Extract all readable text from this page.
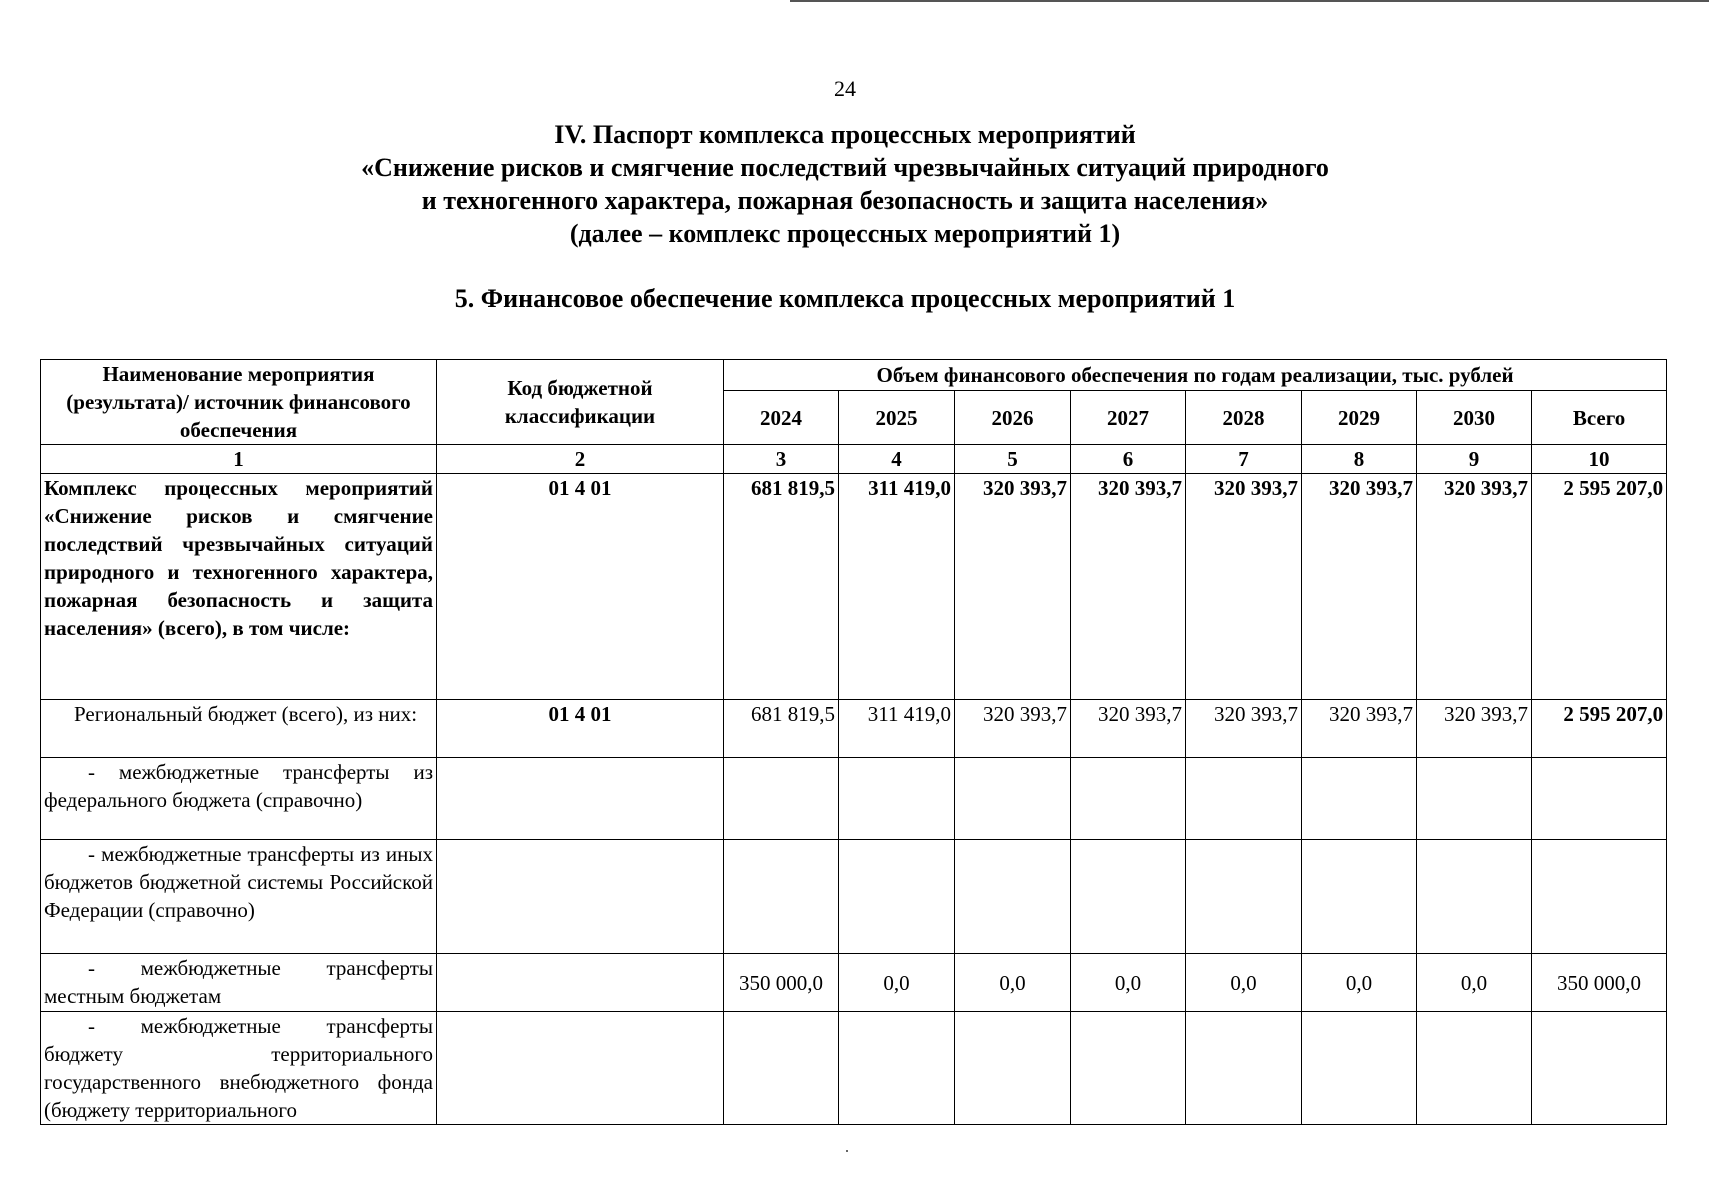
24
IV. Паспорт комплекса процессных мероприятий
«Снижение рисков и смягчение последствий чрезвычайных ситуаций природного
и техногенного характера, пожарная безопасность и защита населения»
(далее – комплекс процессных мероприятий 1)
5. Финансовое обеспечение комплекса процессных мероприятий 1
Наименование мероприятия (результата)/ источник финансового обеспечения	Код бюджетной классификации	Объем финансового обеспечения по годам реализации, тыс. рублей							
		2024	2025	2026	2027	2028	2029	2030	Всего
1	2	3	4	5	6	7	8	9	10
Комплекс процессных мероприятий «Снижение рисков и смягчение последствий чрезвычайных ситуаций природного и техногенного характера, пожарная безопасность и защита населения» (всего), в том числе:	01 4 01	681 819,5	311 419,0	320 393,7	320 393,7	320 393,7	320 393,7	320 393,7	2 595 207,0
Региональный бюджет (всего), из них:	01 4 01	681 819,5	311 419,0	320 393,7	320 393,7	320 393,7	320 393,7	320 393,7	2 595 207,0
- межбюджетные трансферты из федерального бюджета (справочно)									
- межбюджетные трансферты из иных бюджетов бюджетной системы Российской Федерации (справочно)									
- межбюджетные трансферты местным бюджетам		350 000,0	0,0	0,0	0,0	0,0	0,0	0,0	350 000,0
- межбюджетные трансферты бюджету территориального государственного внебюджетного фонда (бюджету территориального									
